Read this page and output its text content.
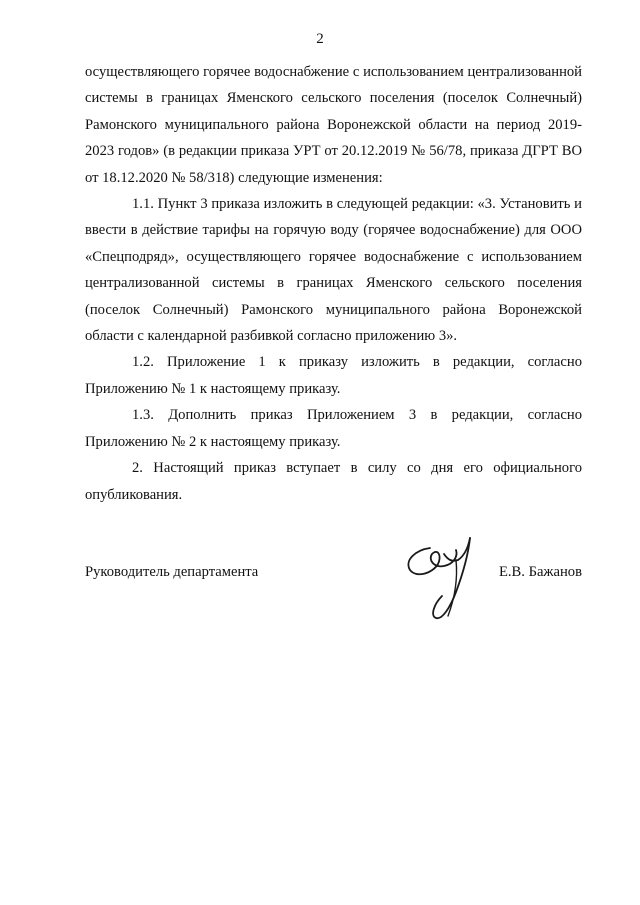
2

осуществляющего горячее водоснабжение с использованием централизованной системы в границах Яменского сельского поселения (поселок Солнечный) Рамонского муниципального района Воронежской области на период 2019-2023 годов» (в редакции приказа УРТ от 20.12.2019 № 56/78, приказа ДГРТ ВО от 18.12.2020 № 58/318) следующие изменения:

1.1. Пункт 3 приказа изложить в следующей редакции: «3. Установить и ввести в действие тарифы на горячую воду (горячее водоснабжение) для ООО «Спецподряд», осуществляющего горячее водоснабжение с использованием централизованной системы в границах Яменского сельского поселения (поселок Солнечный) Рамонского муниципального района Воронежской области с календарной разбивкой согласно приложению 3».

1.2. Приложение 1 к приказу изложить в редакции, согласно Приложению № 1 к настоящему приказу.

1.3. Дополнить приказ Приложением 3 в редакции, согласно Приложению № 2 к настоящему приказу.

2. Настоящий приказ вступает в силу со дня его официального опубликования.

Руководитель департамента	Е.В. Бажанов
